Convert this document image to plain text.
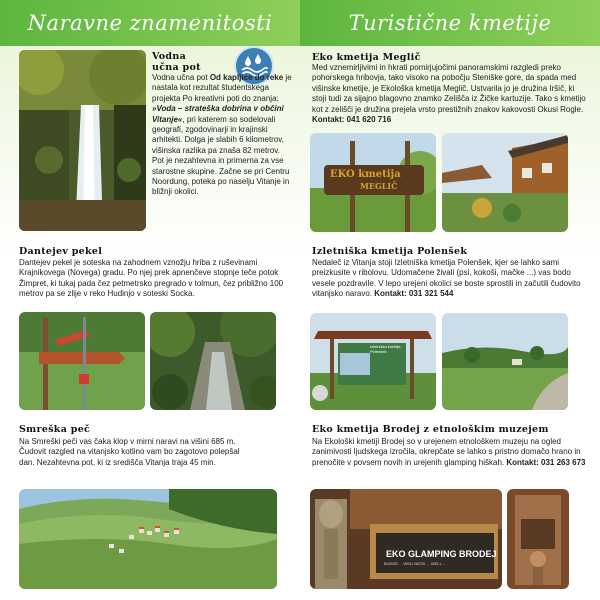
Naravne znamenitosti
Vodna
učna pot
Vodna učna pot Od kapljice do reke je nastala kot rezultat študentskega projekta Po kreativni poti do znanja: »Voda – strateška dobrina v občini Vitanje«, pri katerem so sodelovali geografi, zgodovinarji in krajinski arhitekti. Dolga je slabih 6 kilometrov, višinska razlika pa znaša 82 metrov. Pot je nezahtevna in primerna za vse starostne skupine. Začne se pri Centru Noordung, poteka po naselju Vitanje in bližnji okolici.
Dantejev pekel
Dantejev pekel je soteska na zahodnem vznožju hriba z ruševinami Krajnikovega (Novega) gradu. Po njej prek apnenčeve stopnje teče potok Žimpret, ki tukaj pada čez petmetrsko pregrado v tolmun, čez približno 100 metrov pa se zlije v reko Hudinjo v soteski Socka.
Smreška peč
Na Smreški peči vas čaka klop v mirni naravi na višini 685 m. Čudovit razgled na vitanjsko kotlino vam bo zagotovo polepšal dan. Nezahtevna pot, ki iz središča Vitanja traja 45 min.
Turistične kmetije
Eko kmetija Meglič
Med vznemirljivimi in hkrati pomirjujočimi panoramskimi razgledi preko pohorskega hribovja, tako visoko na pobočju Steniške gore, da spada med višinske kmetije, je Ekološka kmetija Meglič. Ustvarila jo je družina Iršič, ki stoji tudi za sijajno blagovno znamko Zelišča iz Žičke kartuzije. Tako s kmetijo kot z zelišči je družina prejela vrsto prestižnih znakov kakovosti Okusi Rogle. Kontakt: 041 620 716
EKO kmetija
MEGLIČ
Izletniška kmetija Polenšek
Nedaleč iz Vitanja stoji Izletniška kmetija Polenšek, kjer se lahko sami preizkusite v ribolovu. Udomačene živali (psi, kokoši, mačke ...) vas bodo vesele pozdravile. V lepo urejeni okolici se boste sprostili in začutili čudovito vitanjsko naravo. Kontakt: 031 321 544
Izletniška kmetija Polenšek
Eko kmetija Brodej z etnološkim muzejem
Na Ekološki kmetiji Brodej so v urejenem etnološkem muzeju na ogled zanimivosti ljudskega izročila, okrepčate se lahko s pristno domačo hrano in prenočite v povsem novih in urejenih glamping hiškah. Kontakt: 031 263 673
EKO GLAMPING BRODEJ
BUDDE ... WELLNESS ... WELL...
